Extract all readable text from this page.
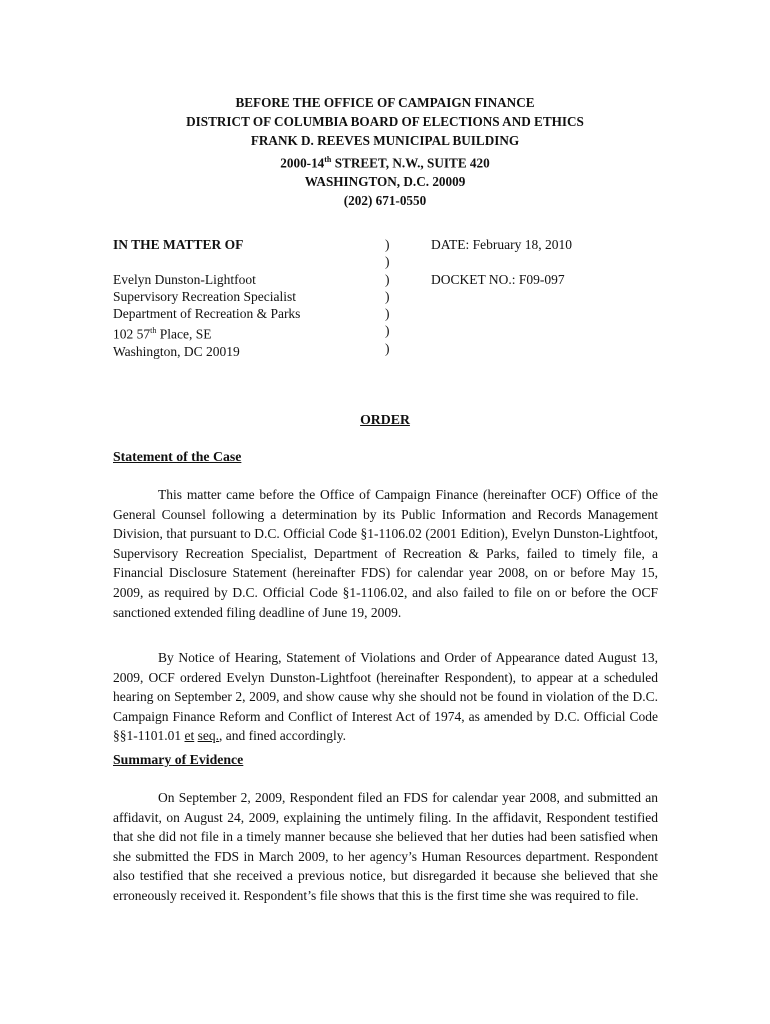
BEFORE THE OFFICE OF CAMPAIGN FINANCE
DISTRICT OF COLUMBIA BOARD OF ELECTIONS AND ETHICS
FRANK D. REEVES MUNICIPAL BUILDING
2000-14th STREET, N.W., SUITE 420
WASHINGTON, D.C. 20009
(202) 671-0550
IN THE MATTER OF
Evelyn Dunston-Lightfoot
Supervisory Recreation Specialist
Department of Recreation & Parks
102 57th Place, SE
Washington, DC 20019
)
)
)
)
)
)
)
DATE: February 18, 2010
DOCKET NO.: F09-097
ORDER
Statement of the Case

This matter came before the Office of Campaign Finance (hereinafter OCF) Office of the General Counsel following a determination by its Public Information and Records Management Division, that pursuant to D.C. Official Code §1-1106.02 (2001 Edition), Evelyn Dunston-Lightfoot, Supervisory Recreation Specialist, Department of Recreation & Parks, failed to timely file, a Financial Disclosure Statement (hereinafter FDS) for calendar year 2008, on or before May 15, 2009, as required by D.C. Official Code §1-1106.02, and also failed to file on or before the OCF sanctioned extended filing deadline of June 19, 2009.

By Notice of Hearing, Statement of Violations and Order of Appearance dated August 13, 2009, OCF ordered Evelyn Dunston-Lightfoot (hereinafter Respondent), to appear at a scheduled hearing on September 2, 2009, and show cause why she should not be found in violation of the D.C. Campaign Finance Reform and Conflict of Interest Act of 1974, as amended by D.C. Official Code §§1-1101.01 et seq., and fined accordingly.

Summary of Evidence

On September 2, 2009, Respondent filed an FDS for calendar year 2008, and submitted an affidavit, on August 24, 2009, explaining the untimely filing. In the affidavit, Respondent testified that she did not file in a timely manner because she believed that her duties had been satisfied when she submitted the FDS in March 2009, to her agency’s Human Resources department. Respondent also testified that she received a previous notice, but disregarded it because she believed that she erroneously received it. Respondent’s file shows that this is the first time she was required to file.
